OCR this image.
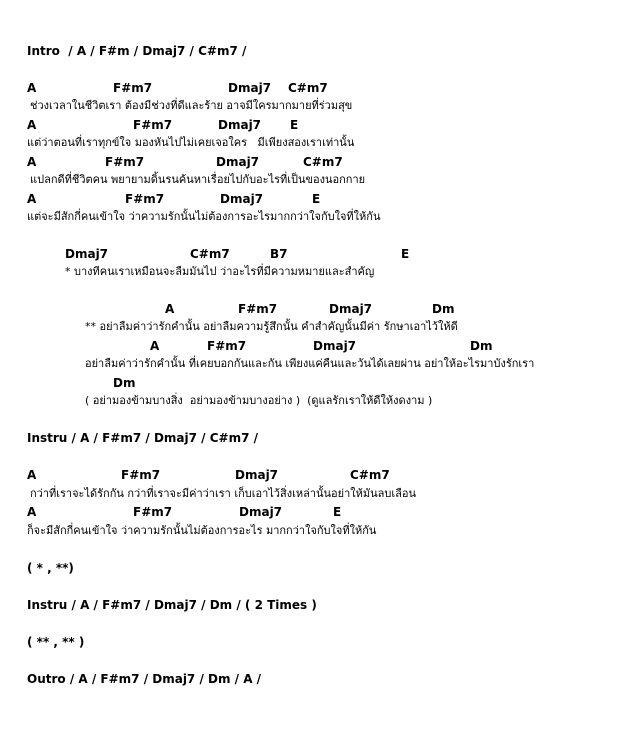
Intro  / A / F#m / Dmaj7 / C#m7 /
A	F#m7	Dmaj7 C#m7
ช่วงเวลาในชีวิตเรา ต้องมีช่วงที่ดีและร้าย อาจมีใครมากมายที่ร่วมสุข
A	F#m7	Dmaj7 E
แต่ว่าตอนที่เราทุกข์ใจ มองหันไปไม่เคยเจอใคร   มีเพียงสองเราเท่านั้น
A	F#m7	Dmaj7	C#m7
แปลกดีที่ชีวิตคน พยายามดิ้นรนค้นหาเรื่อยไปกับอะไรที่เป็นของนอกกาย
A	F#m7	Dmaj7	E
แต่จะมีสักกี่คนเข้าใจ ว่าความรักนั้นไม่ต้องการอะไรมากกว่าใจกับใจที่ให้กัน
Dmaj7	C#m7	B7	E
* บางทีคนเราเหมือนจะลืมมันไป ว่าอะไรที่มีความหมายและสำคัญ
A	F#m7	Dmaj7	Dm
** อย่าลืมค่าว่ารักคำนั้น อย่าลืมความรู้สึกนั้น คำสำคัญนั้นมีค่า รักษาเอาไว้ให้ดี
A	F#m7	Dmaj7	Dm
อย่าลืมค่าว่ารักคำนั้น ที่เคยบอกกันและกัน เพียงแค่คืนและวันได้เลยผ่าน อย่าให้อะไรมาบังรักเรา
Dm
( อย่ามองข้ามบางสิ่ง  อย่ามองข้ามบางอย่าง )  (ดูแลรักเราให้ดีให้งดงาม )
Instru / A / F#m7 / Dmaj7 / C#m7 /
A	F#m7	Dmaj7	C#m7
กว่าที่เราจะได้รักกัน กว่าที่เราจะมีค่าว่าเรา เก็บเอาไว้สิ่งเหล่านั้นอย่าให้มันลบเลือน
A	F#m7	Dmaj7	E
ก็จะมีสักกี่คนเข้าใจ ว่าความรักนั้นไม่ต้องการอะไร มากกว่าใจกับใจที่ให้กัน
( * , **)
Instru / A / F#m7 / Dmaj7 / Dm / ( 2 Times )
( ** , ** )
Outro / A / F#m7 / Dmaj7 / Dm / A /
